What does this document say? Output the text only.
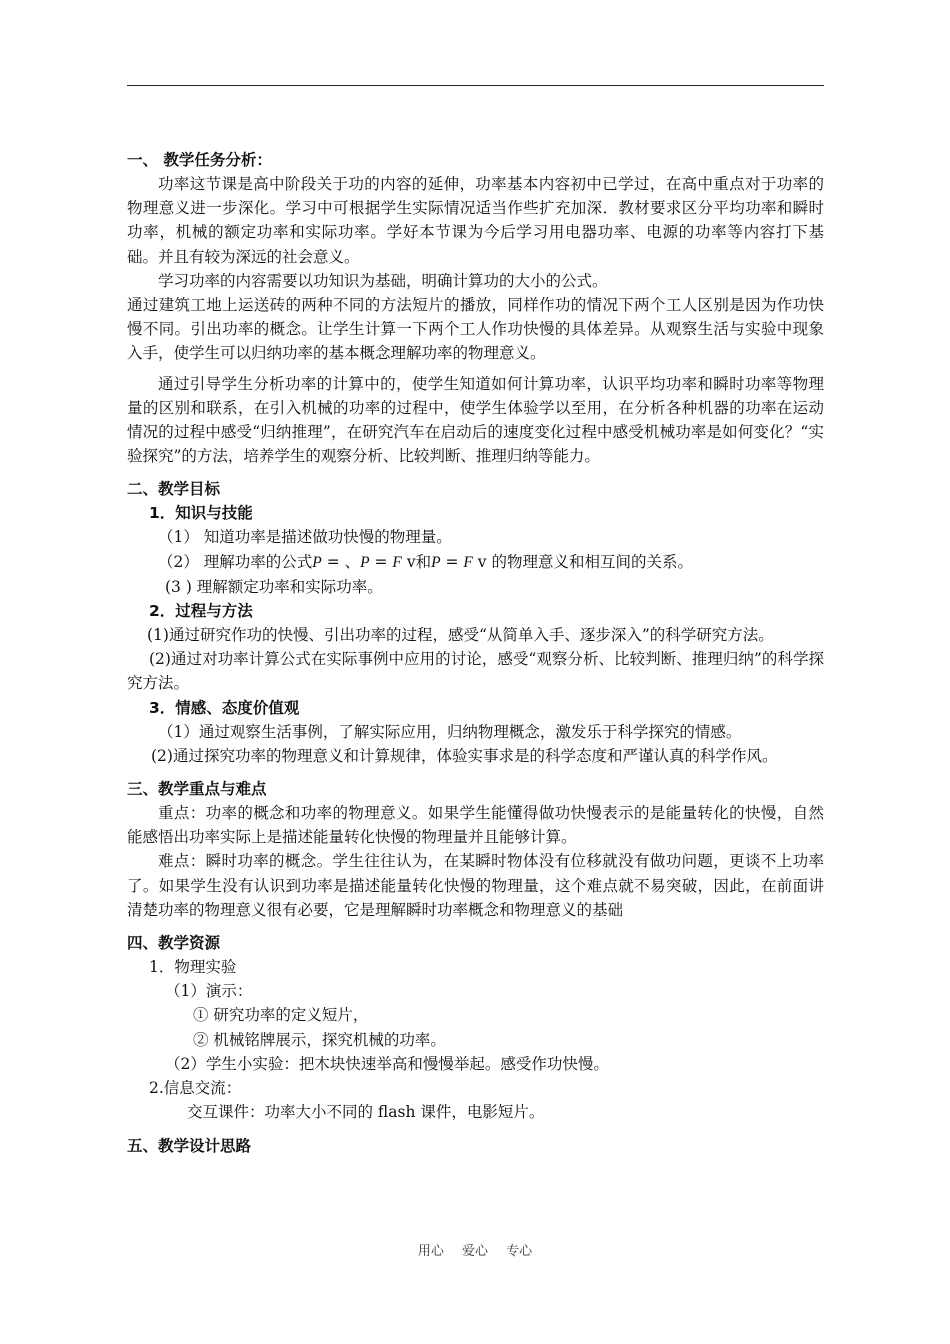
一、 教学任务分析：

功率这节课是高中阶段关于功的内容的延伸，功率基本内容初中已学过，在高中重点对于功率的物理意义进一步深化。学习中可根据学生实际情况适当作些扩充加深．教材要求区分平均功率和瞬时功率，机械的额定功率和实际功率。学好本节课为今后学习用电器功率、电源的功率等内容打下基础。并且有较为深远的社会意义。

学习功率的内容需要以功知识为基础，明确计算功的大小的公式。

通过建筑工地上运送砖的两种不同的方法短片的播放，同样作功的情况下两个工人区别是因为作功快慢不同。引出功率的概念。让学生计算一下两个工人作功快慢的具体差异。从观察生活与实验中现象入手，使学生可以归纳功率的基本概念理解功率的物理意义。

通过引导学生分析功率的计算中的，使学生知道如何计算功率，认识平均功率和瞬时功率等物理量的区别和联系，在引入机械的功率的过程中，使学生体验学以至用，在分析各种机器的功率在运动情况的过程中感受“归纳推理”，在研究汽车在启动后的速度变化过程中感受机械功率是如何变化？“实验探究”的方法，培养学生的观察分析、比较判断、推理归纳等能力。

二、教学目标

1．知识与技能

（1） 知道功率是描述做功快慢的物理量。

（2） 理解功率的公式P = 、P = F v和P = F v 的物理意义和相互间的关系。

(3 ) 理解额定功率和实际功率。

2．过程与方法

(1)通过研究作功的快慢、引出功率的过程，感受“从简单入手、逐步深入”的科学研究方法。

(2)通过对功率计算公式在实际事例中应用的讨论，感受“观察分析、比较判断、推理归纳”的科学探究方法。

3．情感、态度价值观

（1）通过观察生活事例，了解实际应用，归纳物理概念，激发乐于科学探究的情感。

(2)通过探究功率的物理意义和计算规律，体验实事求是的科学态度和严谨认真的科学作风。

三、教学重点与难点

重点：功率的概念和功率的物理意义。如果学生能懂得做功快慢表示的是能量转化的快慢，自然能感悟出功率实际上是描述能量转化快慢的物理量并且能够计算。

难点：瞬时功率的概念。学生往往认为，在某瞬时物体没有位移就没有做功问题，更谈不上功率了。如果学生没有认识到功率是描述能量转化快慢的物理量，这个难点就不易突破，因此，在前面讲清楚功率的物理意义很有必要，它是理解瞬时功率概念和物理意义的基础

四、教学资源

1．物理实验

（1）演示：

① 研究功率的定义短片，

② 机械铭牌展示，探究机械的功率。

（2）学生小实验：把木块快速举高和慢慢举起。感受作功快慢。

2.信息交流：

交互课件：功率大小不同的 flash 课件，电影短片。

五、教学设计思路

用心 爱心 专心
